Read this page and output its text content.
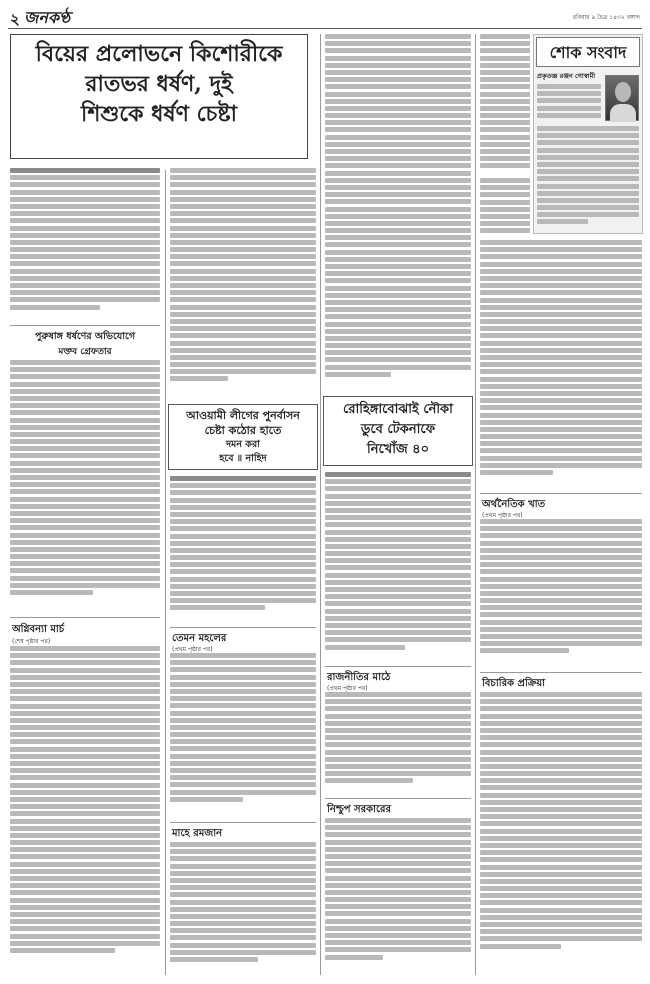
২ জনকণ্ঠ	রবিবার ৯ চৈত্র ১৪৩২ বঙ্গাব্দ
বিয়ের প্রলোভনে কিশোরীকে
রাতভর ধর্ষণ, দুই
শিশুকে ধর্ষণ চেষ্টা
পুরুষাঙ্গ ধর্ষণের অভিযোগে
মক্তব গ্রেফতার
অগ্নিবন্যা মার্চ
(শেষ পৃষ্ঠার পর)
আওয়ামী লীগের পুনর্বাসন
চেষ্টা কঠোর হাতে
দমন করা
হবে ॥ নাহিদ
তেমন মহলের
(প্রথম পৃষ্ঠার পর)
মাহে রমজান
রোহিঙ্গাবোঝাই নৌকা
ডুবে টেকনাফে
নিখোঁজ ৪০
রাজনীতির মাঠে
(প্রথম পৃষ্ঠার পর)
নিশ্চুপ সরকারের
শোক সংবাদ
প্রকৃতজ্ঞ রঞ্জন গোস্বামী
অর্থনৈতিক খাত
(প্রথম পৃষ্ঠার পর)
বিচারিক প্রক্রিয়া
